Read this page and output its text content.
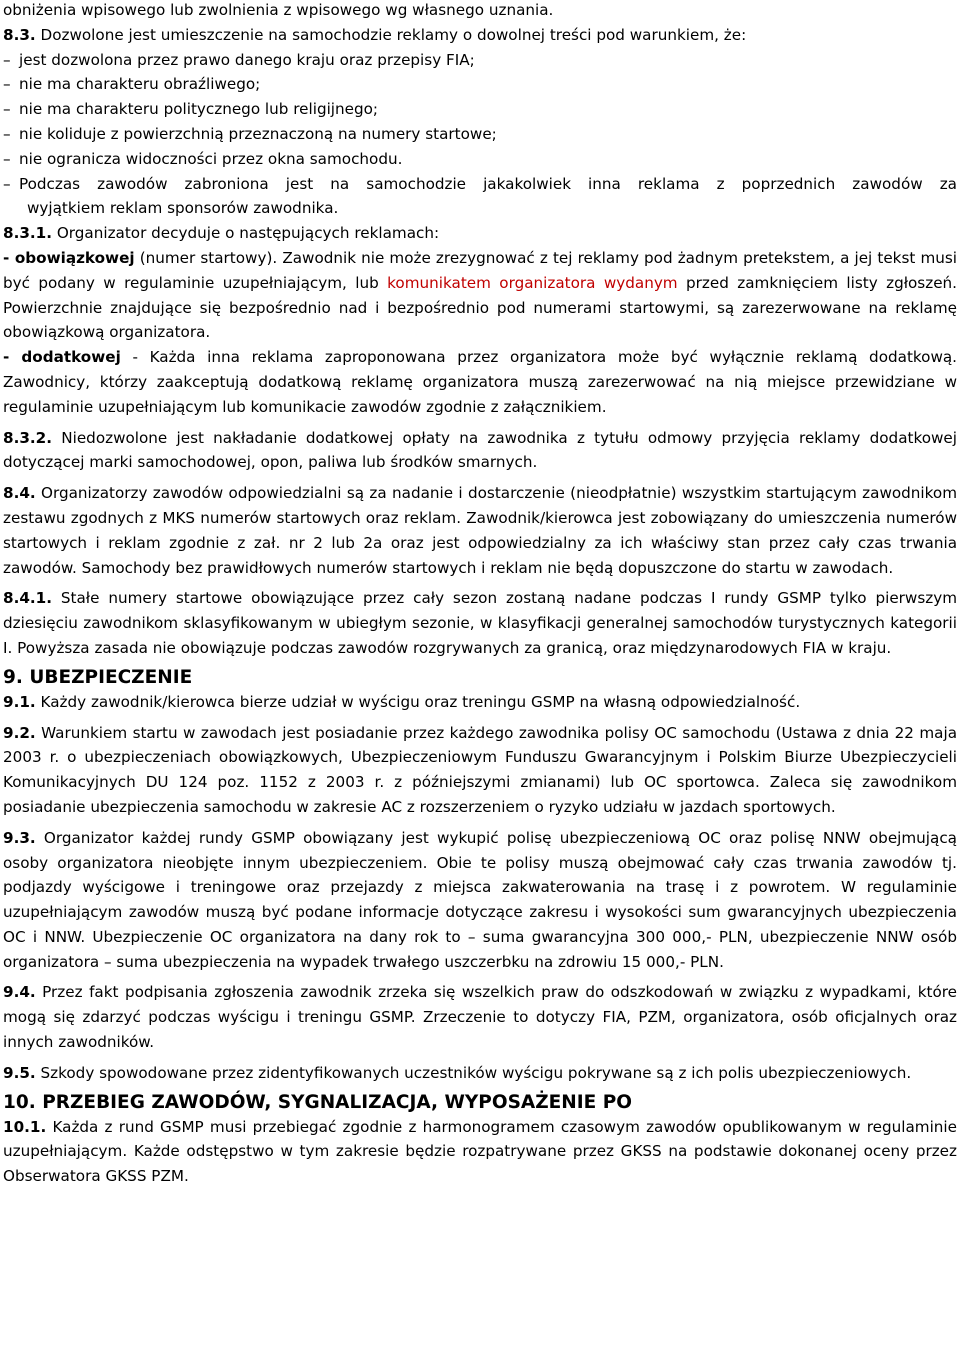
obniżenia wpisowego lub zwolnienia z wpisowego wg własnego uznania.

8.3. Dozwolone jest umieszczenie na samochodzie reklamy o dowolnej treści pod warunkiem, że:

– jest dozwolona przez prawo danego kraju oraz przepisy FIA;

– nie ma charakteru obraźliwego;

– nie ma charakteru politycznego lub religijnego;

– nie koliduje z powierzchnią przeznaczoną na numery startowe;

– nie ogranicza widoczności przez okna samochodu.

– Podczas zawodów zabroniona jest na samochodzie jakakolwiek inna reklama z poprzednich zawodów za

wyjątkiem reklam sponsorów zawodnika.

8.3.1. Organizator decyduje o następujących reklamach:

- obowiązkowej (numer startowy). Zawodnik nie może zrezygnować z tej reklamy pod żadnym pretekstem, a jej tekst musi być podany w regulaminie uzupełniającym, lub komunikatem organizatora wydanym przed zamknięciem listy zgłoszeń. Powierzchnie znajdujące się bezpośrednio nad i bezpośrednio pod numerami startowymi, są zarezerwowane na reklamę obowiązkową organizatora.

- dodatkowej - Każda inna reklama zaproponowana przez organizatora może być wyłącznie reklamą dodatkową. Zawodnicy, którzy zaakceptują dodatkową reklamę organizatora muszą zarezerwować na nią miejsce przewidziane w regulaminie uzupełniającym lub komunikacie zawodów zgodnie z załącznikiem.

8.3.2. Niedozwolone jest nakładanie dodatkowej opłaty na zawodnika z tytułu odmowy przyjęcia reklamy dodatkowej dotyczącej marki samochodowej, opon, paliwa lub środków smarnych.

8.4. Organizatorzy zawodów odpowiedzialni są za nadanie i dostarczenie (nieodpłatnie) wszystkim startującym zawodnikom zestawu zgodnych z MKS numerów startowych oraz reklam. Zawodnik/kierowca jest zobowiązany do umieszczenia numerów startowych i reklam zgodnie z zał. nr 2 lub 2a oraz jest odpowiedzialny za ich właściwy stan przez cały czas trwania zawodów. Samochody bez prawidłowych numerów startowych i reklam nie będą dopuszczone do startu w zawodach.

8.4.1. Stałe numery startowe obowiązujące przez cały sezon zostaną nadane podczas I rundy GSMP tylko pierwszym dziesięciu zawodnikom sklasyfikowanym w ubiegłym sezonie, w klasyfikacji generalnej samochodów turystycznych kategorii I. Powyższa zasada nie obowiązuje podczas zawodów rozgrywanych za granicą, oraz międzynarodowych FIA w kraju.

9. UBEZPIECZENIE

9.1. Każdy zawodnik/kierowca bierze udział w wyścigu oraz treningu GSMP na własną odpowiedzialność.

9.2. Warunkiem startu w zawodach jest posiadanie przez każdego zawodnika polisy OC samochodu (Ustawa z dnia 22 maja 2003 r. o ubezpieczeniach obowiązkowych, Ubezpieczeniowym Funduszu Gwarancyjnym i Polskim Biurze Ubezpieczycieli Komunikacyjnych DU 124 poz. 1152 z 2003 r. z późniejszymi zmianami) lub OC sportowca. Zaleca się zawodnikom posiadanie ubezpieczenia samochodu w zakresie AC z rozszerzeniem o ryzyko udziału w jazdach sportowych.

9.3. Organizator każdej rundy GSMP obowiązany jest wykupić polisę ubezpieczeniową OC oraz polisę NNW obejmującą osoby organizatora nieobjęte innym ubezpieczeniem. Obie te polisy muszą obejmować cały czas trwania zawodów tj. podjazdy wyścigowe i treningowe oraz przejazdy z miejsca zakwaterowania na trasę i z powrotem. W regulaminie uzupełniającym zawodów muszą być podane informacje dotyczące zakresu i wysokości sum gwarancyjnych ubezpieczenia OC i NNW. Ubezpieczenie OC organizatora na dany rok to – suma gwarancyjna 300 000,- PLN, ubezpieczenie NNW osób organizatora – suma ubezpieczenia na wypadek trwałego uszczerbku na zdrowiu 15 000,- PLN.

9.4. Przez fakt podpisania zgłoszenia zawodnik zrzeka się wszelkich praw do odszkodowań w związku z wypadkami, które mogą się zdarzyć podczas wyścigu i treningu GSMP. Zrzeczenie to dotyczy FIA, PZM, organizatora, osób oficjalnych oraz innych zawodników.

9.5. Szkody spowodowane przez zidentyfikowanych uczestników wyścigu pokrywane są z ich polis ubezpieczeniowych.

10. PRZEBIEG ZAWODÓW, SYGNALIZACJA, WYPOSAŻENIE PO

10.1. Każda z rund GSMP musi przebiegać zgodnie z harmonogramem czasowym zawodów opublikowanym w regulaminie uzupełniającym. Każde odstępstwo w tym zakresie będzie rozpatrywane przez GKSS na podstawie dokonanej oceny przez Obserwatora GKSS PZM.
